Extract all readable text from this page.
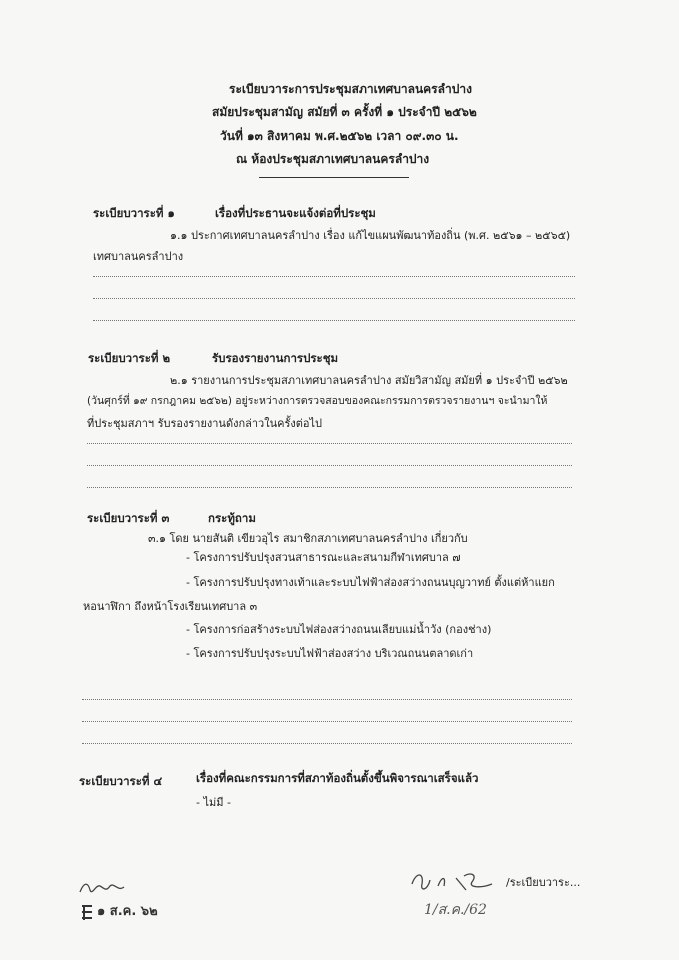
ระเบียบวาระการประชุมสภาเทศบาลนครลำปาง
สมัยประชุมสามัญ สมัยที่ ๓ ครั้งที่ ๑ ประจำปี ๒๕๖๒
วันที่ ๑๓ สิงหาคม พ.ศ.๒๕๖๒ เวลา ๐๙.๓๐ น.
ณ ห้องประชุมสภาเทศบาลนครลำปาง
ระเบียบวาระที่ ๑	เรื่องที่ประธานจะแจ้งต่อที่ประชุม
๑.๑ ประกาศเทศบาลนครลำปาง เรื่อง แก้ไขแผนพัฒนาท้องถิ่น (พ.ศ. ๒๕๖๑ – ๒๕๖๕)
เทศบาลนครลำปาง
ระเบียบวาระที่ ๒	รับรองรายงานการประชุม
๒.๑ รายงานการประชุมสภาเทศบาลนครลำปาง สมัยวิสามัญ สมัยที่ ๑ ประจำปี ๒๕๖๒
(วันศุกร์ที่ ๑๙ กรกฎาคม ๒๕๖๒) อยู่ระหว่างการตรวจสอบของคณะกรรมการตรวจรายงานฯ จะนำมาให้
ที่ประชุมสภาฯ รับรองรายงานดังกล่าวในครั้งต่อไป
ระเบียบวาระที่ ๓	กระทู้ถาม
๓.๑ โดย นายสันติ เขียวอุไร สมาชิกสภาเทศบาลนครลำปาง เกี่ยวกับ
- โครงการปรับปรุงสวนสาธารณะและสนามกีฬาเทศบาล ๗
- โครงการปรับปรุงทางเท้าและระบบไฟฟ้าส่องสว่างถนนบุญวาทย์ ตั้งแต่ห้าแยก
หอนาฬิกา ถึงหน้าโรงเรียนเทศบาล ๓
- โครงการก่อสร้างระบบไฟส่องสว่างถนนเลียบแม่น้ำวัง (กองช่าง)
- โครงการปรับปรุงระบบไฟฟ้าส่องสว่าง บริเวณถนนตลาดเก่า
ระเบียบวาระที่ ๔	เรื่องที่คณะกรรมการที่สภาท้องถิ่นตั้งขึ้นพิจารณาเสร็จแล้ว
- ไม่มี -
/ระเบียบวาระ...
1/ส.ค./62
๑ ส.ค. ๖๒
